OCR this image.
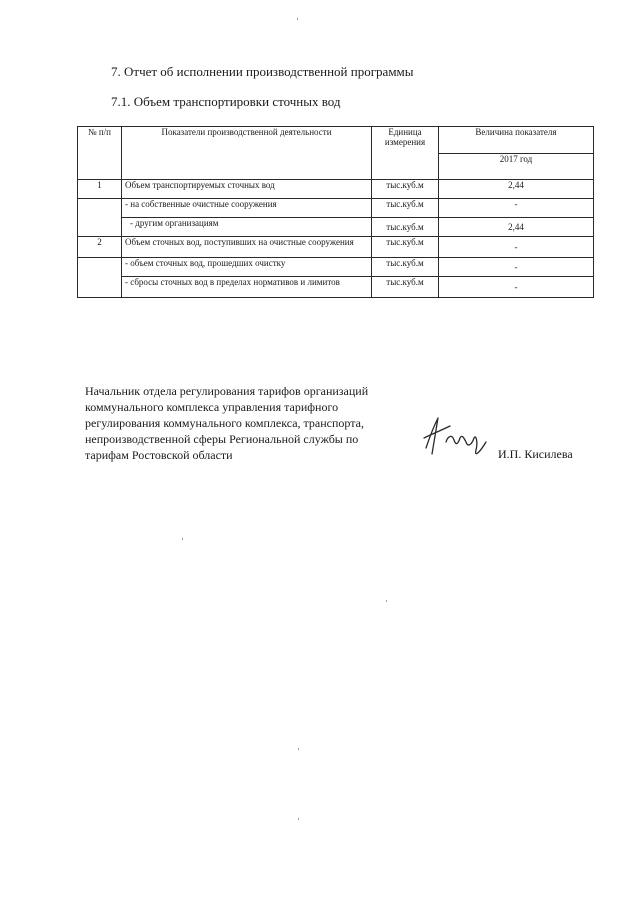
7. Отчет об исполнении производственной программы
7.1. Объем транспортировки сточных вод
№ п/п	Показатели производственной деятельности	Единица измерения	Величина показателя
			2017 год
1	Объем транспортируемых сточных вод	тыс.куб.м	2,44
	- на собственные очистные сооружения	тыс.куб.м	-
	- другим организациям	тыс.куб.м	2,44
2	Объем сточных вод, поступивших на очистные сооружения	тыс.куб.м	-
	- объем сточных вод, прошедших очистку	тыс.куб.м	-
	- сбросы сточных вод в пределах нормативов и лимитов	тыс.куб.м	-
Начальник отдела регулирования тарифов организаций
коммунального комплекса управления тарифного
регулирования коммунального комплекса, транспорта,
непроизводственной сферы Региональной службы по
тарифам Ростовской области	И.П. Кисилева
